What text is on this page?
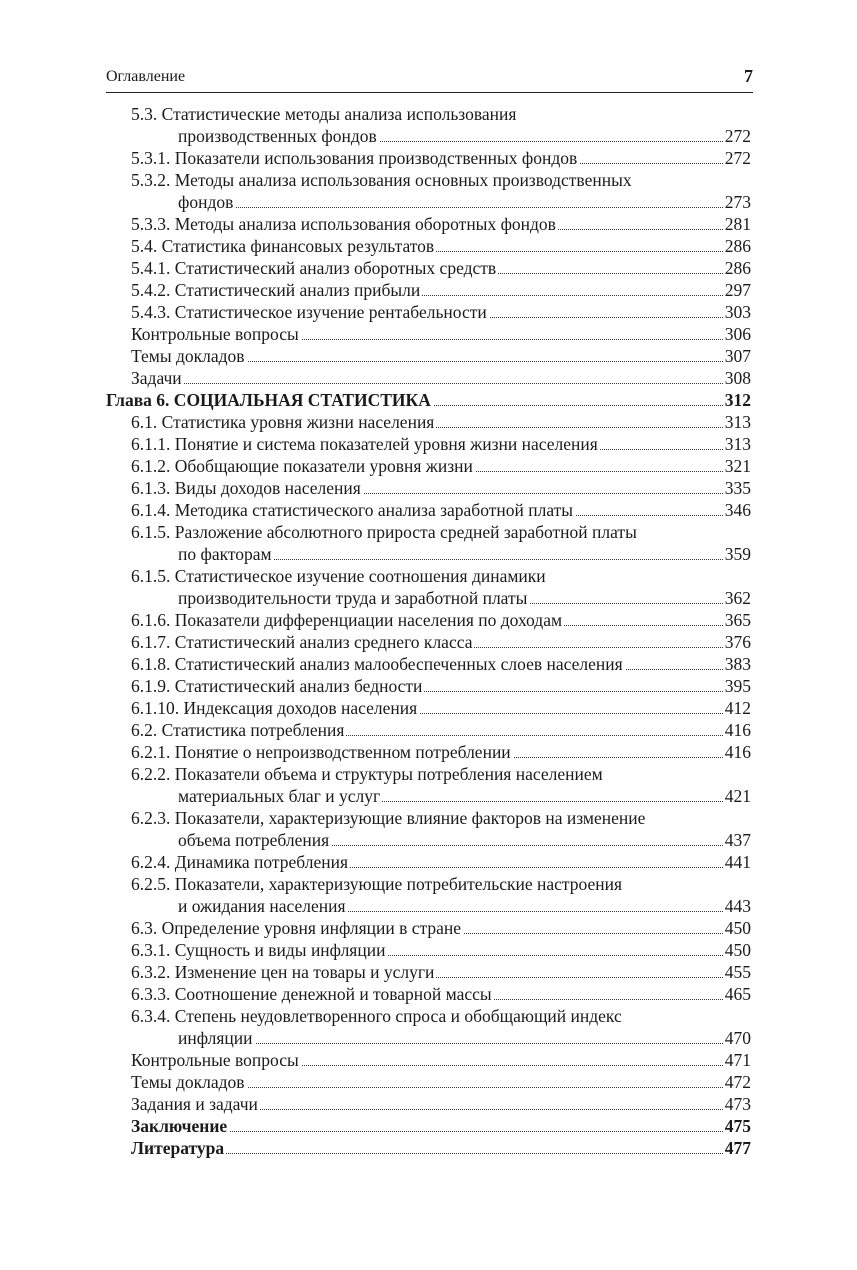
Оглавление	7
5.3. Статистические методы анализа использования
производственных фондов	272
5.3.1. Показатели использования производственных фондов	272
5.3.2. Методы анализа использования основных производственных
фондов	273
5.3.3. Методы анализа использования оборотных фондов	281
5.4. Статистика финансовых результатов	286
5.4.1. Статистический анализ оборотных средств	286
5.4.2. Статистический анализ прибыли	297
5.4.3. Статистическое изучение рентабельности	303
Контрольные вопросы	306
Темы докладов	307
Задачи	308
Глава 6. СОЦИАЛЬНАЯ СТАТИСТИКА	312
6.1. Статистика уровня жизни населения	313
6.1.1. Понятие и система показателей уровня жизни населения	313
6.1.2. Обобщающие показатели уровня жизни	321
6.1.3. Виды доходов населения	335
6.1.4. Методика статистического анализа заработной платы	346
6.1.5. Разложение абсолютного прироста средней заработной платы
по факторам	359
6.1.5. Статистическое изучение соотношения динамики
производительности труда и заработной платы	362
6.1.6. Показатели дифференциации населения по доходам	365
6.1.7. Статистический анализ среднего класса	376
6.1.8. Статистический анализ малообеспеченных слоев населения	383
6.1.9. Статистический анализ бедности	395
6.1.10. Индексация доходов населения	412
6.2. Статистика потребления	416
6.2.1. Понятие о непроизводственном потреблении	416
6.2.2. Показатели объема и структуры потребления населением
материальных благ и услуг	421
6.2.3. Показатели, характеризующие влияние факторов на изменение
объема потребления	437
6.2.4. Динамика потребления	441
6.2.5. Показатели, характеризующие потребительские настроения
и ожидания населения	443
6.3. Определение уровня инфляции в стране	450
6.3.1. Сущность и виды инфляции	450
6.3.2. Изменение цен на товары и услуги	455
6.3.3. Соотношение денежной и товарной массы	465
6.3.4. Степень неудовлетворенного спроса и обобщающий индекс
инфляции	470
Контрольные вопросы	471
Темы докладов	472
Задания и задачи	473
Заключение	475
Литература	477
